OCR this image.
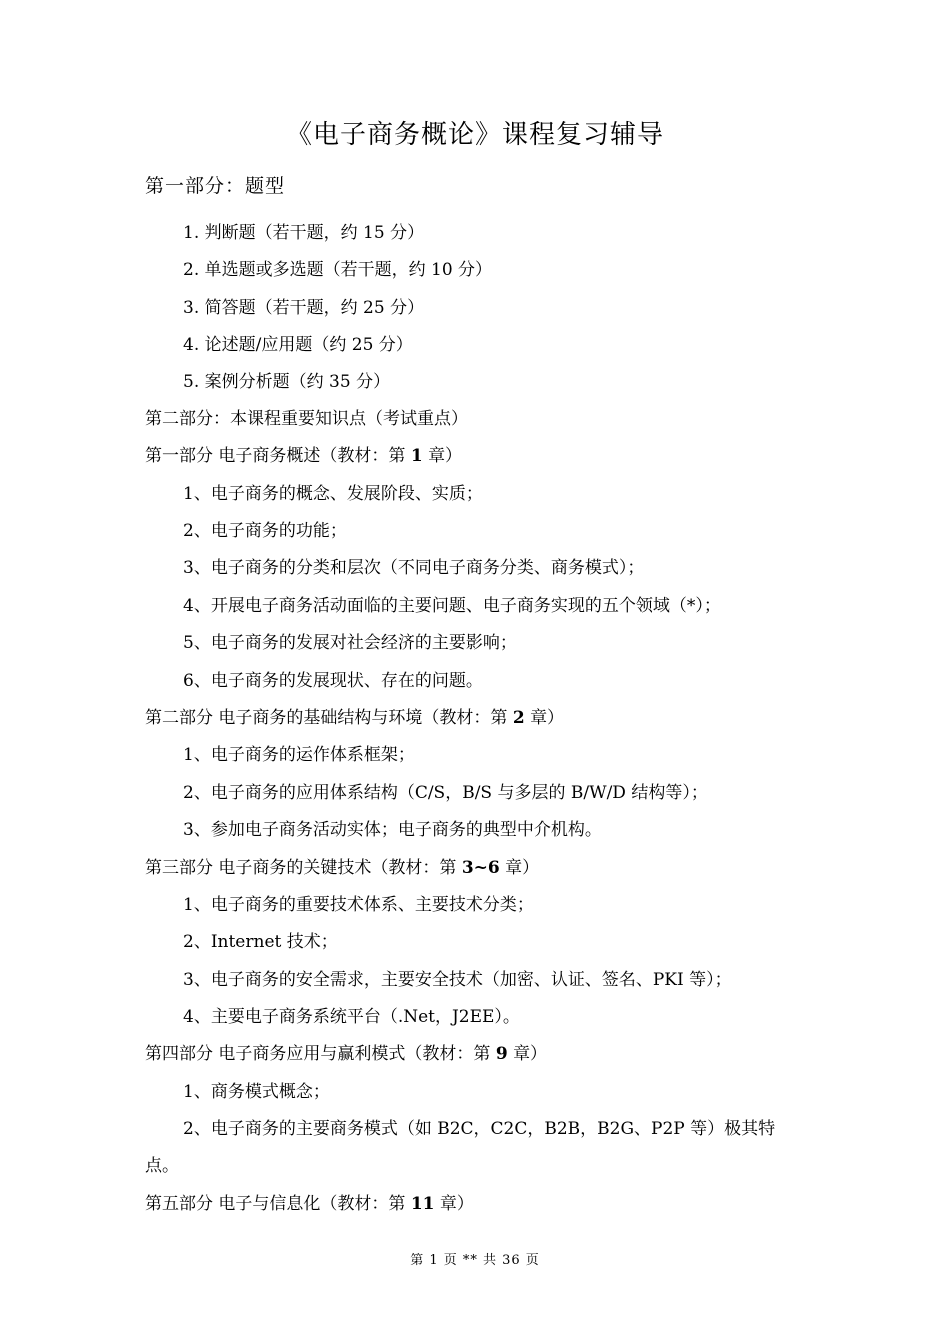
《电子商务概论》课程复习辅导
第一部分：题型
1. 判断题（若干题，约 15 分）
2. 单选题或多选题（若干题，约 10 分）
3. 简答题（若干题，约 25 分）
4. 论述题/应用题（约 25 分）
5. 案例分析题（约 35 分）
第二部分：本课程重要知识点（考试重点）
第一部分 电子商务概述（教材：第 1 章）
1、电子商务的概念、发展阶段、实质；
2、电子商务的功能；
3、电子商务的分类和层次（不同电子商务分类、商务模式）；
4、开展电子商务活动面临的主要问题、电子商务实现的五个领域（*）；
5、电子商务的发展对社会经济的主要影响；
6、电子商务的发展现状、存在的问题。
第二部分 电子商务的基础结构与环境（教材：第 2 章）
1、电子商务的运作体系框架；
2、电子商务的应用体系结构（C/S，B/S 与多层的 B/W/D 结构等）；
3、参加电子商务活动实体；电子商务的典型中介机构。
第三部分 电子商务的关键技术（教材：第 3~6 章）
1、电子商务的重要技术体系、主要技术分类；
2、Internet 技术；
3、电子商务的安全需求，主要安全技术（加密、认证、签名、PKI 等）；
4、主要电子商务系统平台（.Net，J2EE）。
第四部分 电子商务应用与赢利模式（教材：第 9 章）
1、商务模式概念；
2、电子商务的主要商务模式（如 B2C，C2C，B2B，B2G、P2P 等）极其特
点。
第五部分 电子与信息化（教材：第 11 章）
第 1 页 ** 共 36 页
